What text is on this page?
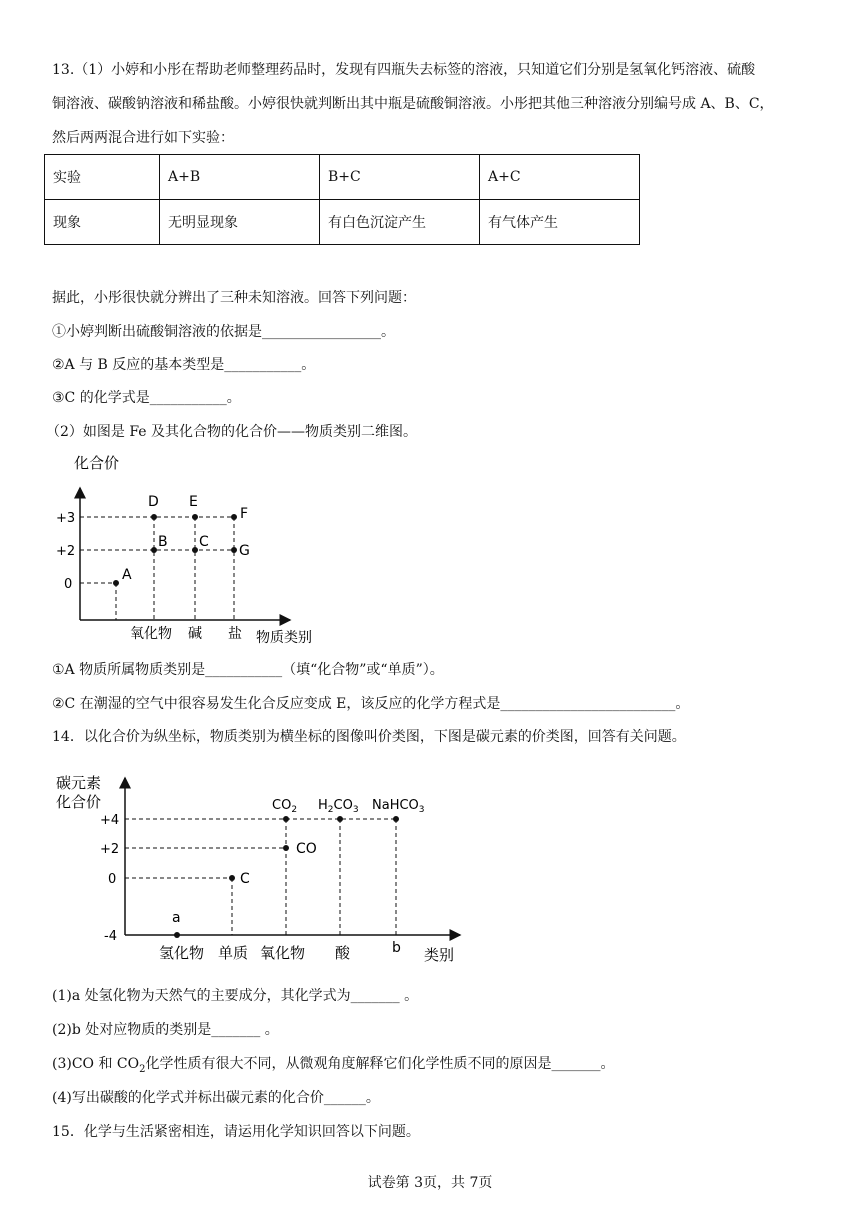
13.（1）小婷和小彤在帮助老师整理药品时，发现有四瓶失去标签的溶液，只知道它们分别是氢氧化钙溶液、硫酸
铜溶液、碳酸钠溶液和稀盐酸。小婷很快就判断出其中瓶是硫酸铜溶液。小彤把其他三种溶液分别编号成 A、B、C，
然后两两混合进行如下实验：
实验	A+B	B+C	A+C
现象	无明显现象	有白色沉淀产生	有气体产生
据此，小彤很快就分辨出了三种未知溶液。回答下列问题：
①小婷判断出硫酸铜溶液的依据是_________________。
②A 与 B 反应的基本类型是___________。
③C 的化学式是___________。
（2）如图是 Fe 及其化合物的化合价——物质类别二维图。
化合价
+3
+2
0
A
B C
D E
F
G
氧化物 碱 盐 物质类别
①A 物质所属物质类别是___________（填“化合物”或“单质”）。
②C 在潮湿的空气中很容易发生化合反应变成 E，该反应的化学方程式是_________________________。
14．以化合价为纵坐标，物质类别为横坐标的图像叫价类图，下图是碳元素的价类图，回答有关问题。
碳元素
化合价
+4
+2
0
-4
a
C
CO
$CO_2$ $H_2CO_3$ NaHCO$_3$
氢化物 单质 氧化物 酸	b 类别
(1)a 处氢化物为天然气的主要成分，其化学式为_______ 。
(2)b 处对应物质的类别是_______ 。
(3)CO 和 $CO_2$化学性质有很大不同，从微观角度解释它们化学性质不同的原因是_______。
(4)写出碳酸的化学式并标出碳元素的化合价______。
15．化学与生活紧密相连，请运用化学知识回答以下问题。
试卷第 3页，共 7页
